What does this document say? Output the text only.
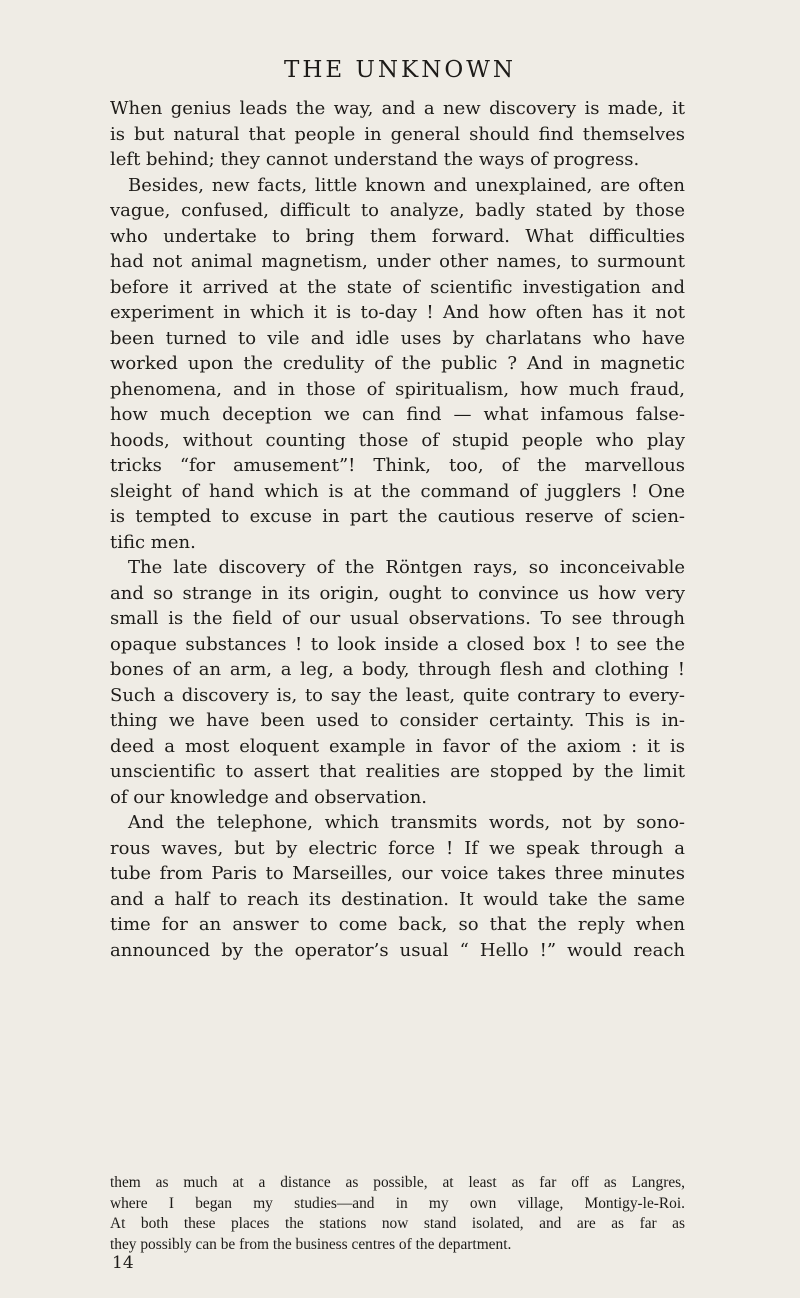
THE UNKNOWN
When genius leads the way, and a new discovery is made, it
is but natural that people in general should find themselves
left behind; they cannot understand the ways of progress.
Besides, new facts, little known and unexplained, are often
vague, confused, difficult to analyze, badly stated by those
who undertake to bring them forward. What difficulties
had not animal magnetism, under other names, to surmount
before it arrived at the state of scientific investigation and
experiment in which it is to-day ! And how often has it not
been turned to vile and idle uses by charlatans who have
worked upon the credulity of the public ? And in magnetic
phenomena, and in those of spiritualism, how much fraud,
how much deception we can find — what infamous false-
hoods, without counting those of stupid people who play
tricks “for amusement”! Think, too, of the marvellous
sleight of hand which is at the command of jugglers ! One
is tempted to excuse in part the cautious reserve of scien-
tific men.
The late discovery of the Röntgen rays, so inconceivable
and so strange in its origin, ought to convince us how very
small is the field of our usual observations. To see through
opaque substances ! to look inside a closed box ! to see the
bones of an arm, a leg, a body, through flesh and clothing !
Such a discovery is, to say the least, quite contrary to every-
thing we have been used to consider certainty. This is in-
deed a most eloquent example in favor of the axiom : it is
unscientific to assert that realities are stopped by the limit
of our knowledge and observation.
And the telephone, which transmits words, not by sono-
rous waves, but by electric force ! If we speak through a
tube from Paris to Marseilles, our voice takes three minutes
and a half to reach its destination. It would take the same
time for an answer to come back, so that the reply when
announced by the operator’s usual “ Hello !” would reach
them as much at a distance as possible, at least as far off as Langres,
where I began my studies—and in my own village, Montigy-le-Roi.
At both these places the stations now stand isolated, and are as far as
they possibly can be from the business centres of the department.
14
